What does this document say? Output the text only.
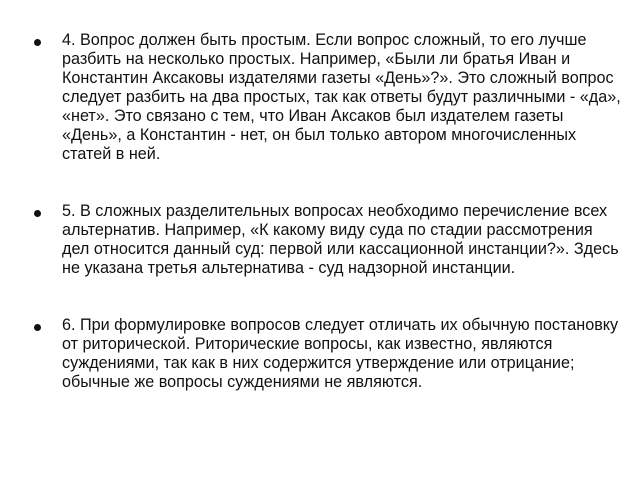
4. Вопрос должен быть простым. Если вопрос сложный, то его лучше разбить на несколько простых. Например, «Были ли братья Иван и Константин Аксаковы издателями газеты «День»?». Это сложный вопрос следует разбить на два простых, так как ответы будут различными - «да», «нет». Это связано с тем, что Иван Аксаков был издателем газеты «День», а Константин - нет, он был только автором многочисленных статей в ней.
5. В сложных разделительных вопросах необходимо перечисление всех альтернатив. Например, «К какому виду суда по стадии рассмотрения дел относится данный суд: первой или кассационной инстанции?». Здесь не указана третья альтернатива - суд надзорной инстанции.
6. При формулировке вопросов следует отличать их обычную постановку от риторической. Риторические вопросы, как известно, являются суждениями, так как в них содержится утверждение или отрицание; обычные же вопросы суждениями не являются.
